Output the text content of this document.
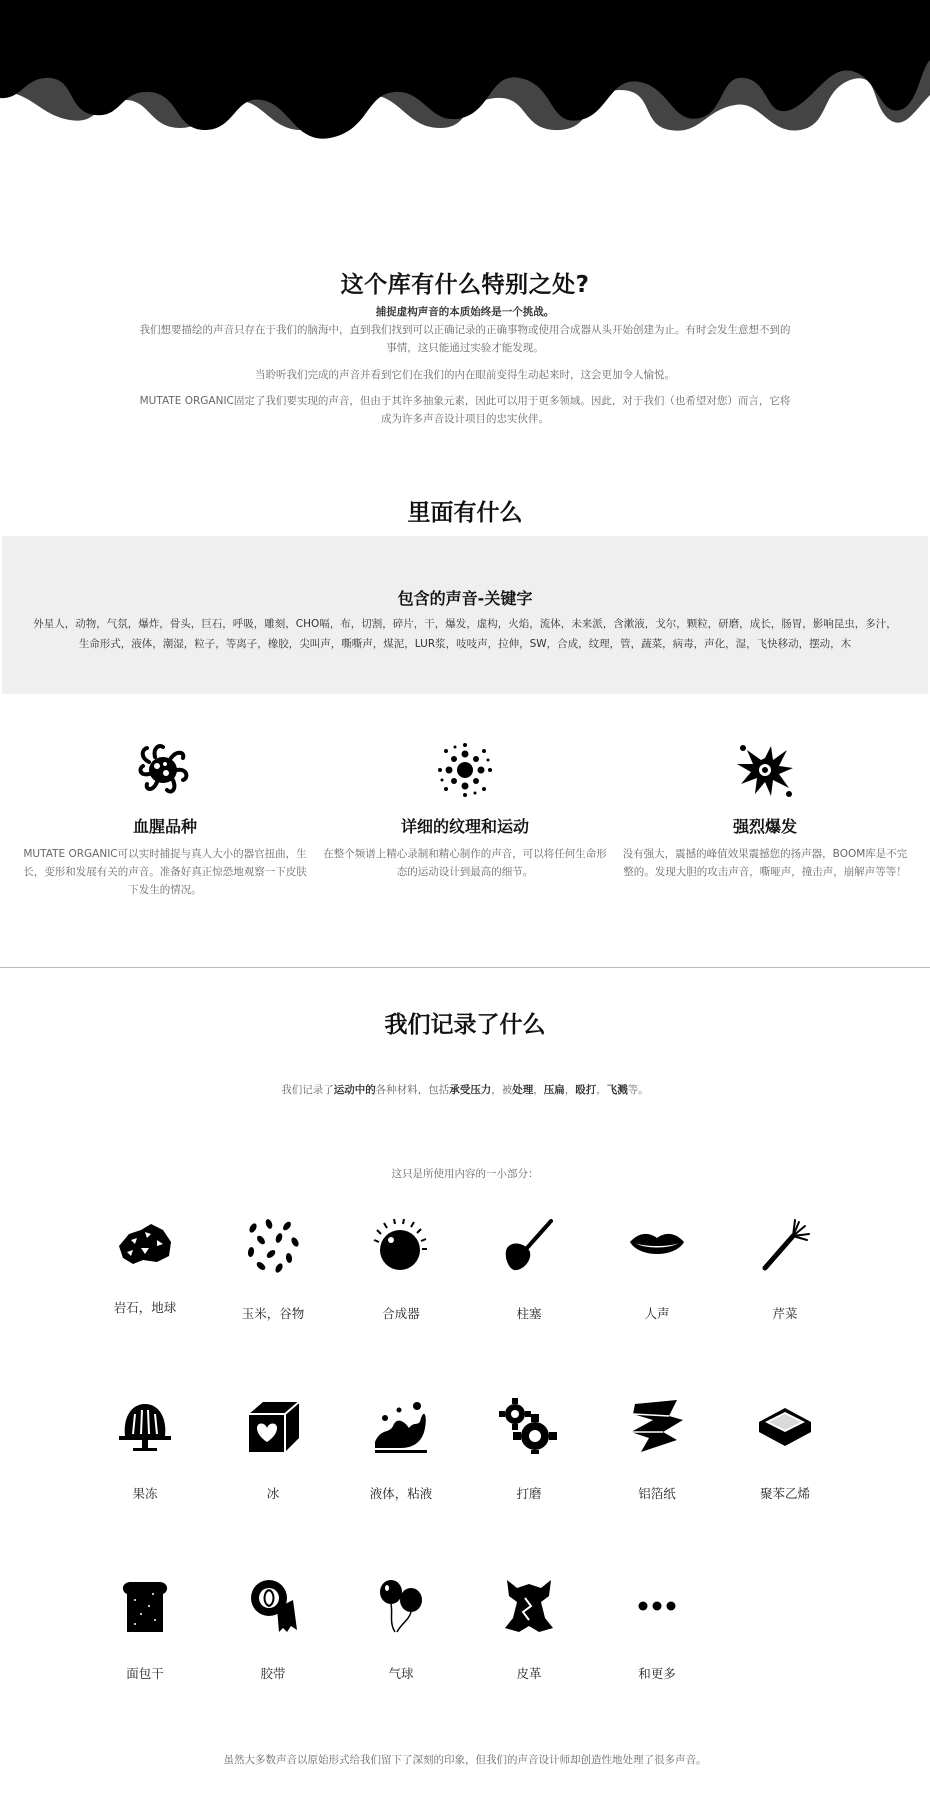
这个库有什么特别之处?
捕捉虚构声音的本质始终是一个挑战。
我们想要描绘的声音只存在于我们的脑海中，直到我们找到可以正确记录的正确事物或使用合成器从头开始创建为止。有时会发生意想不到的事情，这只能通过实验才能发现。
当聆听我们完成的声音并看到它们在我们的内在眼前变得生动起来时，这会更加令人愉悦。
MUTATE ORGANIC固定了我们要实现的声音，但由于其许多抽象元素，因此可以用于更多领域。因此，对于我们（也希望对您）而言，它将成为许多声音设计项目的忠实伙伴。
里面有什么
包含的声音-关键字
外星人，动物，气氛，爆炸，骨头，巨石，呼吸，雕刻，CHO嗝，布，切割，碎片，干，爆发，虚构，火焰，流体，未来派，含漱液，戈尔，颗粒，研磨，成长，肠胃，影响昆虫，多汁，生命形式，液体，潮湿，粒子，等离子，橡胶，尖叫声，嘶嘶声，煤泥，LUR浆，吱吱声，拉伸，SW，合成，纹理，管，蔬菜，病毒，声化，湿，飞快移动，摆动，木
血腥品种

MUTATE ORGANIC可以实时捕捉与真人大小的器官扭曲，生长，变形和发展有关的声音。准备好真正惊恐地观察一下皮肤下发生的情况。

详细的纹理和运动

在整个频谱上精心录制和精心制作的声音，可以将任何生命形态的运动设计到最高的细节。

强烈爆发

没有强大，震撼的峰值效果震撼您的扬声器，BOOM库是不完整的。发现大胆的攻击声音，嘶哑声，撞击声，崩解声等等！

我们记录了什么
我们记录了运动中的各种材料，包括承受压力，被处理，压扁，殴打，飞溅等。
这只是所使用内容的一小部分：
岩石，地球	玉米，谷物	合成器	柱塞	人声	芹菜
果冻	冰	液体，粘液	打磨	铝箔纸	聚苯乙烯
面包干	胶带	气球	皮革	和更多
虽然大多数声音以原始形式给我们留下了深刻的印象，但我们的声音设计师却创造性地处理了很多声音。
